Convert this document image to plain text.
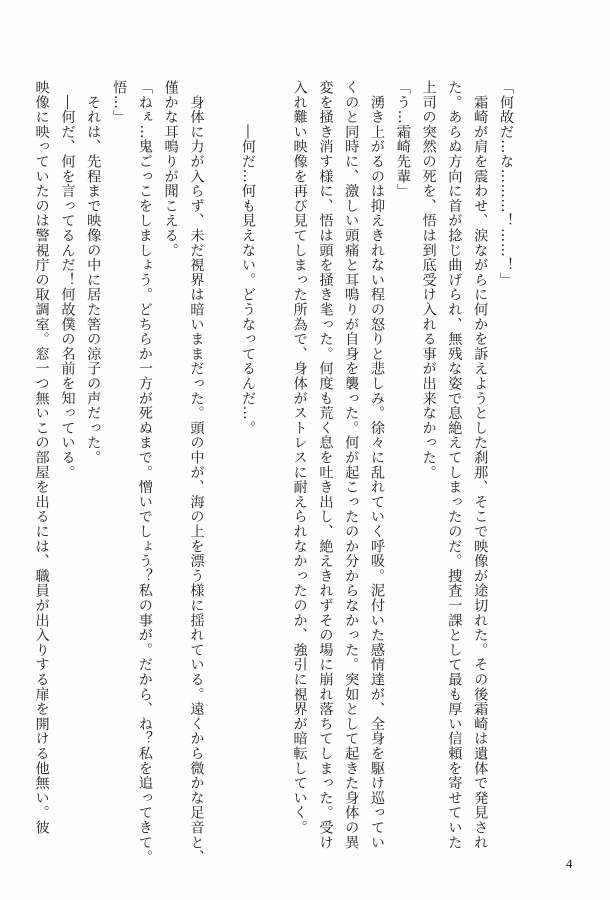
「何故だ…な………！……！」
　霜崎が肩を震わせ、涙ながらに何かを訴えようとした刹那、そこで映像が途切れた。その後霜崎は遺体で発見され
た。あらぬ方向に首が捻じ曲げられ、無残な姿で息絶えてしまったのだ。捜査一課として最も厚い信頼を寄せていた
上司の突然の死を、悟は到底受け入れる事が出来なかった。
「う…霜崎先輩」
　湧き上がるのは抑えきれない程の怒りと悲しみ。徐々に乱れていく呼吸。泥付いた感情達が、全身を駆け巡ってい
くのと同時に、激しい頭痛と耳鳴りが自身を襲った。何が起こったのか分からなかった。突如として起きた身体の異
変を掻き消す様に、悟は頭を掻き毟った。何度も荒く息を吐き出し、絶えきれずその場に崩れ落ちてしまった。受け
入れ難い映像を再び見てしまった所為で、身体がストレスに耐えられなかったのか、強引に視界が暗転していく。
　　　―何だ…何も見えない。どうなってるんだ…。
　身体に力が入らず、未だ視界は暗いままだった。頭の中が、海の上を漂う様に揺れている。遠くから微かな足音と、
僅かな耳鳴りが聞こえる。
「ねぇ…鬼ごっこをしましょう。どちらか一方が死ぬまで。憎いでしょう？私の事が。だから、ね？私を追ってきて。
悟…」
　それは、先程まで映像の中に居た筈の涼子の声だった。
　―何だ、何を言ってるんだ！何故僕の名前を知っている。
映像に映っていたのは警視庁の取調室。窓一つ無いこの部屋を出るには、職員が出入りする扉を開ける他無い。彼
4
